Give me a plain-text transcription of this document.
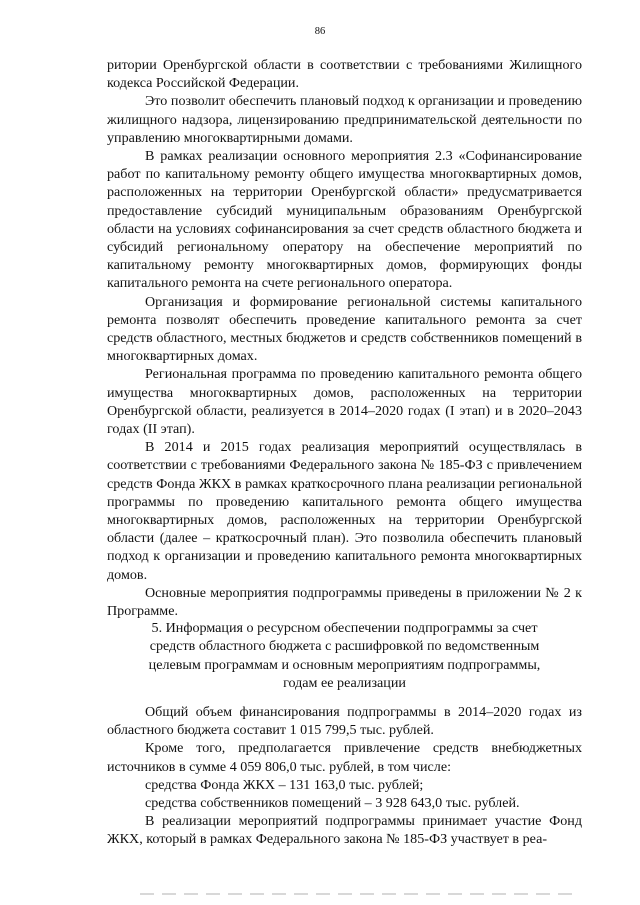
86

ритории Оренбургской области в соответствии с требованиями Жилищного кодекса Российской Федерации.

Это позволит обеспечить плановый подход к организации и проведению жилищного надзора, лицензированию предпринимательской деятельности по управлению многоквартирными домами.

В рамках реализации основного мероприятия 2.3 «Софинансирование работ по капитальному ремонту общего имущества многоквартирных домов, расположенных на территории Оренбургской области» предусматривается предоставление субсидий муниципальным образованиям Оренбургской области на условиях софинансирования за счет средств областного бюджета и субсидий региональному оператору на обеспечение мероприятий по капитальному ремонту многоквартирных домов, формирующих фонды капитального ремонта на счете регионального оператора.

Организация и формирование региональной системы капитального ремонта позволят обеспечить проведение капитального ремонта за счет средств областного, местных бюджетов и средств собственников помещений в многоквартирных домах.

Региональная программа по проведению капитального ремонта общего имущества многоквартирных домов, расположенных на территории Оренбургской области, реализуется в 2014–2020 годах (I этап) и в 2020–2043 годах (II этап).

В 2014 и 2015 годах реализация мероприятий осуществлялась в соответствии с требованиями Федерального закона № 185-ФЗ с привлечением средств Фонда ЖКХ в рамках краткосрочного плана реализации региональной программы по проведению капитального ремонта общего имущества многоквартирных домов, расположенных на территории Оренбургской области (далее – краткосрочный план). Это позволила обеспечить плановый подход к организации и проведению капитального ремонта многоквартирных домов.

Основные мероприятия подпрограммы приведены в приложении № 2 к Программе.

5. Информация о ресурсном обеспечении подпрограммы за счет
средств областного бюджета с расшифровкой по ведомственным
целевым программам и основным мероприятиям подпрограммы,
годам ее реализации

Общий объем финансирования подпрограммы в 2014–2020 годах из областного бюджета составит 1 015 799,5 тыс. рублей.

Кроме того, предполагается привлечение средств внебюджетных источников в сумме 4 059 806,0 тыс. рублей, в том числе:

средства Фонда ЖКХ – 131 163,0 тыс. рублей;

средства собственников помещений – 3 928 643,0 тыс. рублей.

В реализации мероприятий подпрограммы принимает участие Фонд ЖКХ, который в рамках Федерального закона № 185-ФЗ участвует в реа-
